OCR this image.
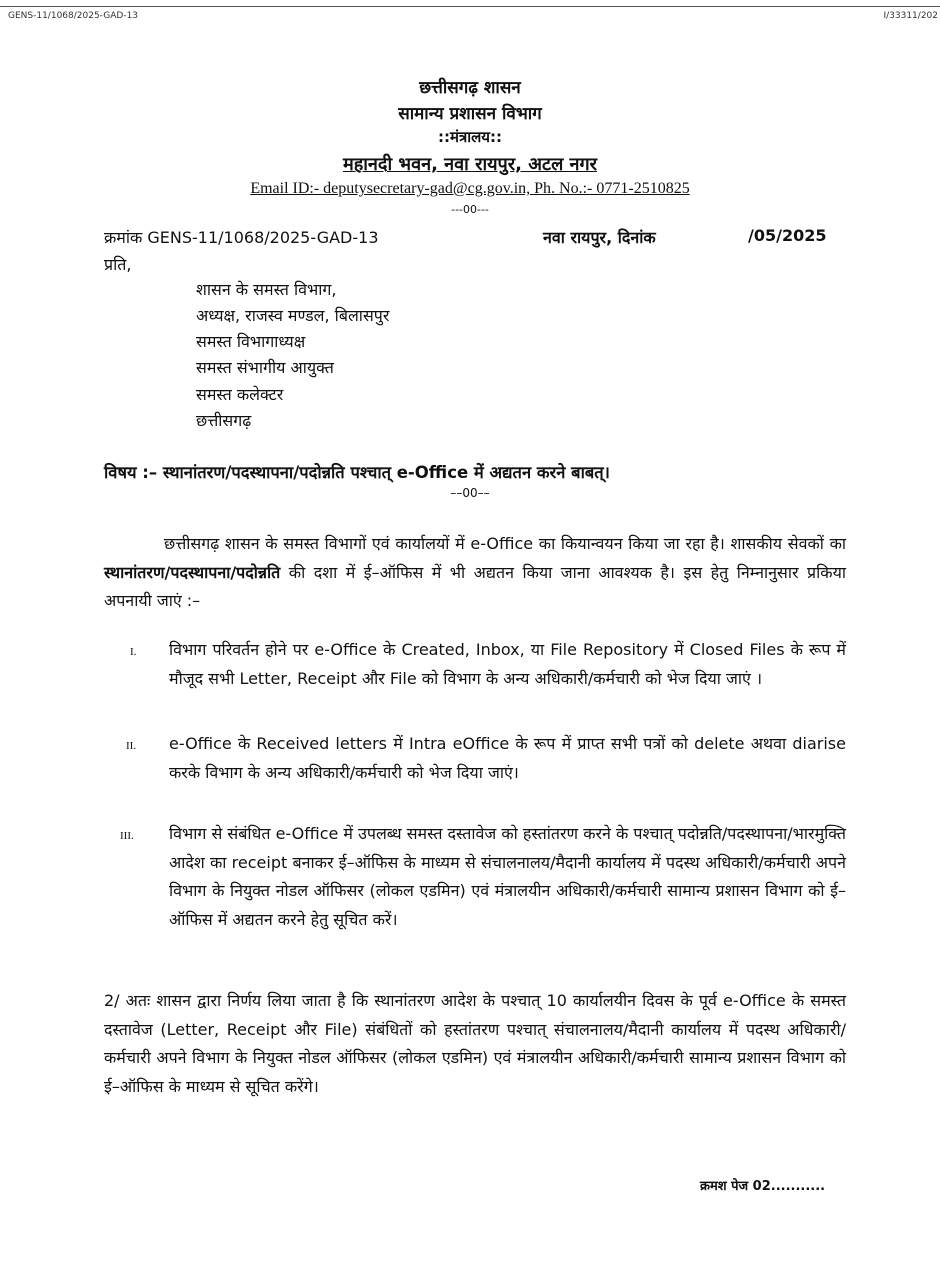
GENS-11/1068/2025-GAD-13	I/33311/202
छत्तीसगढ़ शासन
सामान्य प्रशासन विभाग
::मंत्रालय::
महानदी भवन, नवा रायपुर, अटल नगर
Email ID:- deputysecretary-gad@cg.gov.in, Ph. No.:- 0771-2510825
---00---
क्रमांक GENS-11/1068/2025-GAD-13	नवा रायपुर, दिनांक	/05/2025
प्रति,
शासन के समस्त विभाग,
अध्यक्ष, राजस्व मण्डल, बिलासपुर
समस्त विभागाध्यक्ष
समस्त संभागीय आयुक्त
समस्त कलेक्टर
छत्तीसगढ़
विषय :– स्थानांतरण/पदस्थापना/पदोन्नति पश्चात् e-Office में अद्यतन करने बाबत्।
––00––
छत्तीसगढ़ शासन के समस्त विभागों एवं कार्यालयों में e-Office का कियान्वयन किया जा रहा है। शासकीय सेवकों का स्थानांतरण/पदस्थापना/पदोन्नति की दशा में ई–ऑफिस में भी अद्यतन किया जाना आवश्यक है। इस हेतु निम्नानुसार प्रकिया अपनायी जाएं :–
I. विभाग परिवर्तन होने पर e-Office के Created, Inbox, या File Repository में Closed Files के रूप में मौजूद सभी Letter, Receipt और File को विभाग के अन्य अधिकारी/कर्मचारी को भेज दिया जाएं ।
II. e-Office के Received letters में Intra eOffice के रूप में प्राप्त सभी पत्रों को delete अथवा diarise करके विभाग के अन्य अधिकारी/कर्मचारी को भेज दिया जाएं।
III. विभाग से संबंधित e-Office में उपलब्ध समस्त दस्तावेज को हस्तांतरण करने के पश्चात् पदोन्नति/पदस्थापना/भारमुक्ति आदेश का receipt बनाकर ई–ऑफिस के माध्यम से संचालनालय/मैदानी कार्यालय में पदस्थ अधिकारी/कर्मचारी अपने विभाग के नियुक्त नोडल ऑफिसर (लोकल एडमिन) एवं मंत्रालयीन अधिकारी/कर्मचारी सामान्य प्रशासन विभाग को ई–ऑफिस में अद्यतन करने हेतु सूचित करें।
2/ अतः शासन द्वारा निर्णय लिया जाता है कि स्थानांतरण आदेश के पश्चात् 10 कार्यालयीन दिवस के पूर्व e-Office के समस्त दस्तावेज (Letter, Receipt और File) संबंधितों को हस्तांतरण पश्चात् संचालनालय/मैदानी कार्यालय में पदस्थ अधिकारी/कर्मचारी अपने विभाग के नियुक्त नोडल ऑफिसर (लोकल एडमिन) एवं मंत्रालयीन अधिकारी/कर्मचारी सामान्य प्रशासन विभाग को ई–ऑफिस के माध्यम से सूचित करेंगे।
क्रमश पेज 02...........
